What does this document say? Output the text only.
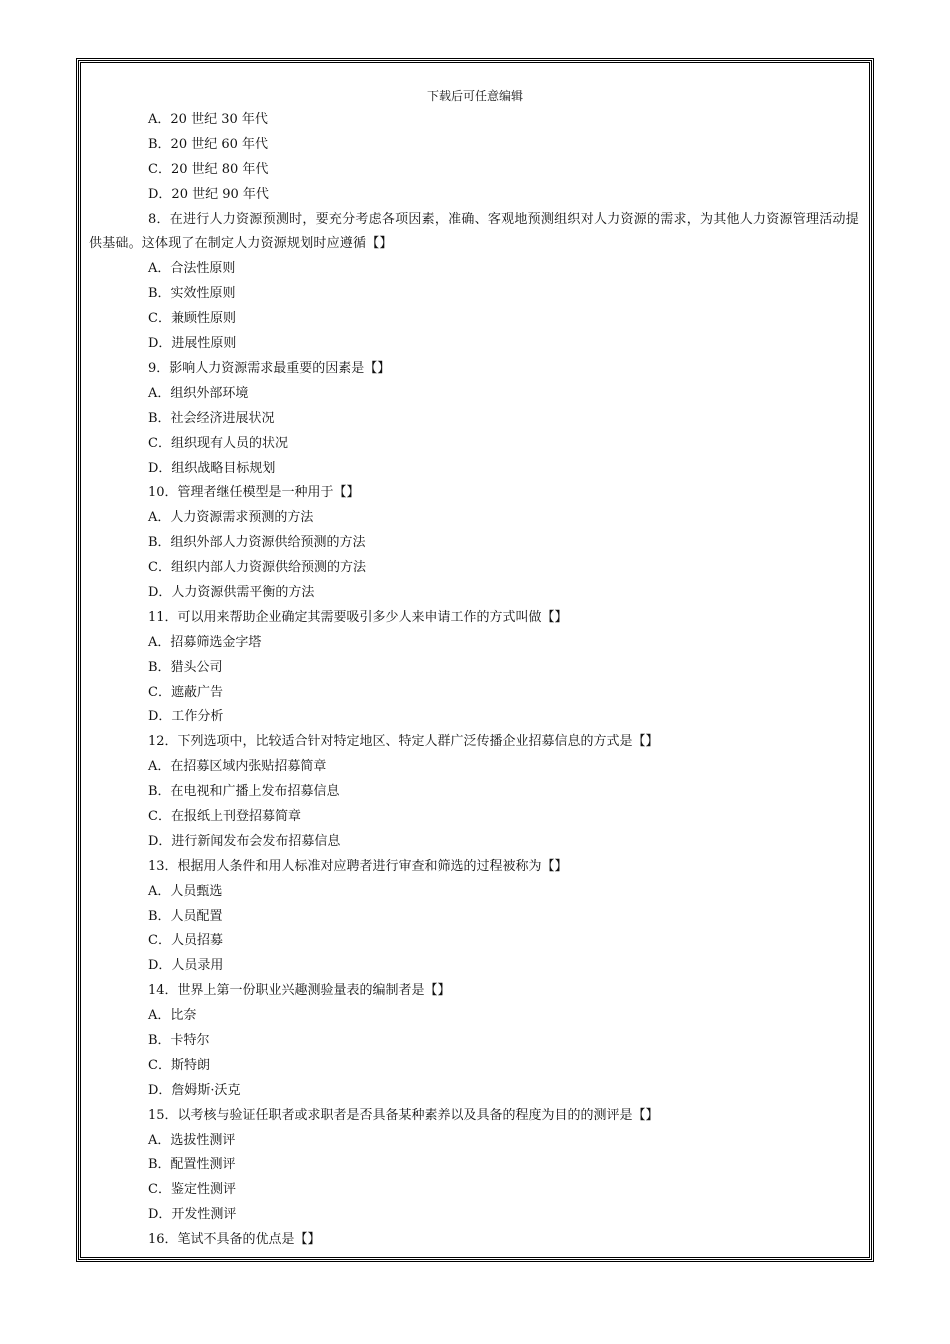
下载后可任意编辑
A．20 世纪 30 年代
B．20 世纪 60 年代
C．20 世纪 80 年代
D．20 世纪 90 年代
8．在进行人力资源预测时，要充分考虑各项因素，准确、客观地预测组织对人力资源的需求，为其他人力资源管理活动提供基础。这体现了在制定人力资源规划时应遵循【】
A．合法性原则
B．实效性原则
C．兼顾性原则
D．进展性原则
9．影响人力资源需求最重要的因素是【】
A．组织外部环境
B．社会经济进展状况
C．组织现有人员的状况
D．组织战略目标规划
10．管理者继任模型是一种用于【】
A．人力资源需求预测的方法
B．组织外部人力资源供给预测的方法
C．组织内部人力资源供给预测的方法
D．人力资源供需平衡的方法
11．可以用来帮助企业确定其需要吸引多少人来申请工作的方式叫做【】
A．招募筛选金字塔
B．猎头公司
C．遮蔽广告
D．工作分析
12．下列选项中，比较适合针对特定地区、特定人群广泛传播企业招募信息的方式是【】
A．在招募区域内张贴招募简章
B．在电视和广播上发布招募信息
C．在报纸上刊登招募简章
D．进行新闻发布会发布招募信息
13．根据用人条件和用人标准对应聘者进行审查和筛选的过程被称为【】
A．人员甄选
B．人员配置
C．人员招募
D．人员录用
14．世界上第一份职业兴趣测验量表的编制者是【】
A．比奈
B．卡特尔
C．斯特朗
D．詹姆斯·沃克
15．以考核与验证任职者或求职者是否具备某种素养以及具备的程度为目的的测评是【】
A．选拔性测评
B．配置性测评
C．鉴定性测评
D．开发性测评
16．笔试不具备的优点是【】
